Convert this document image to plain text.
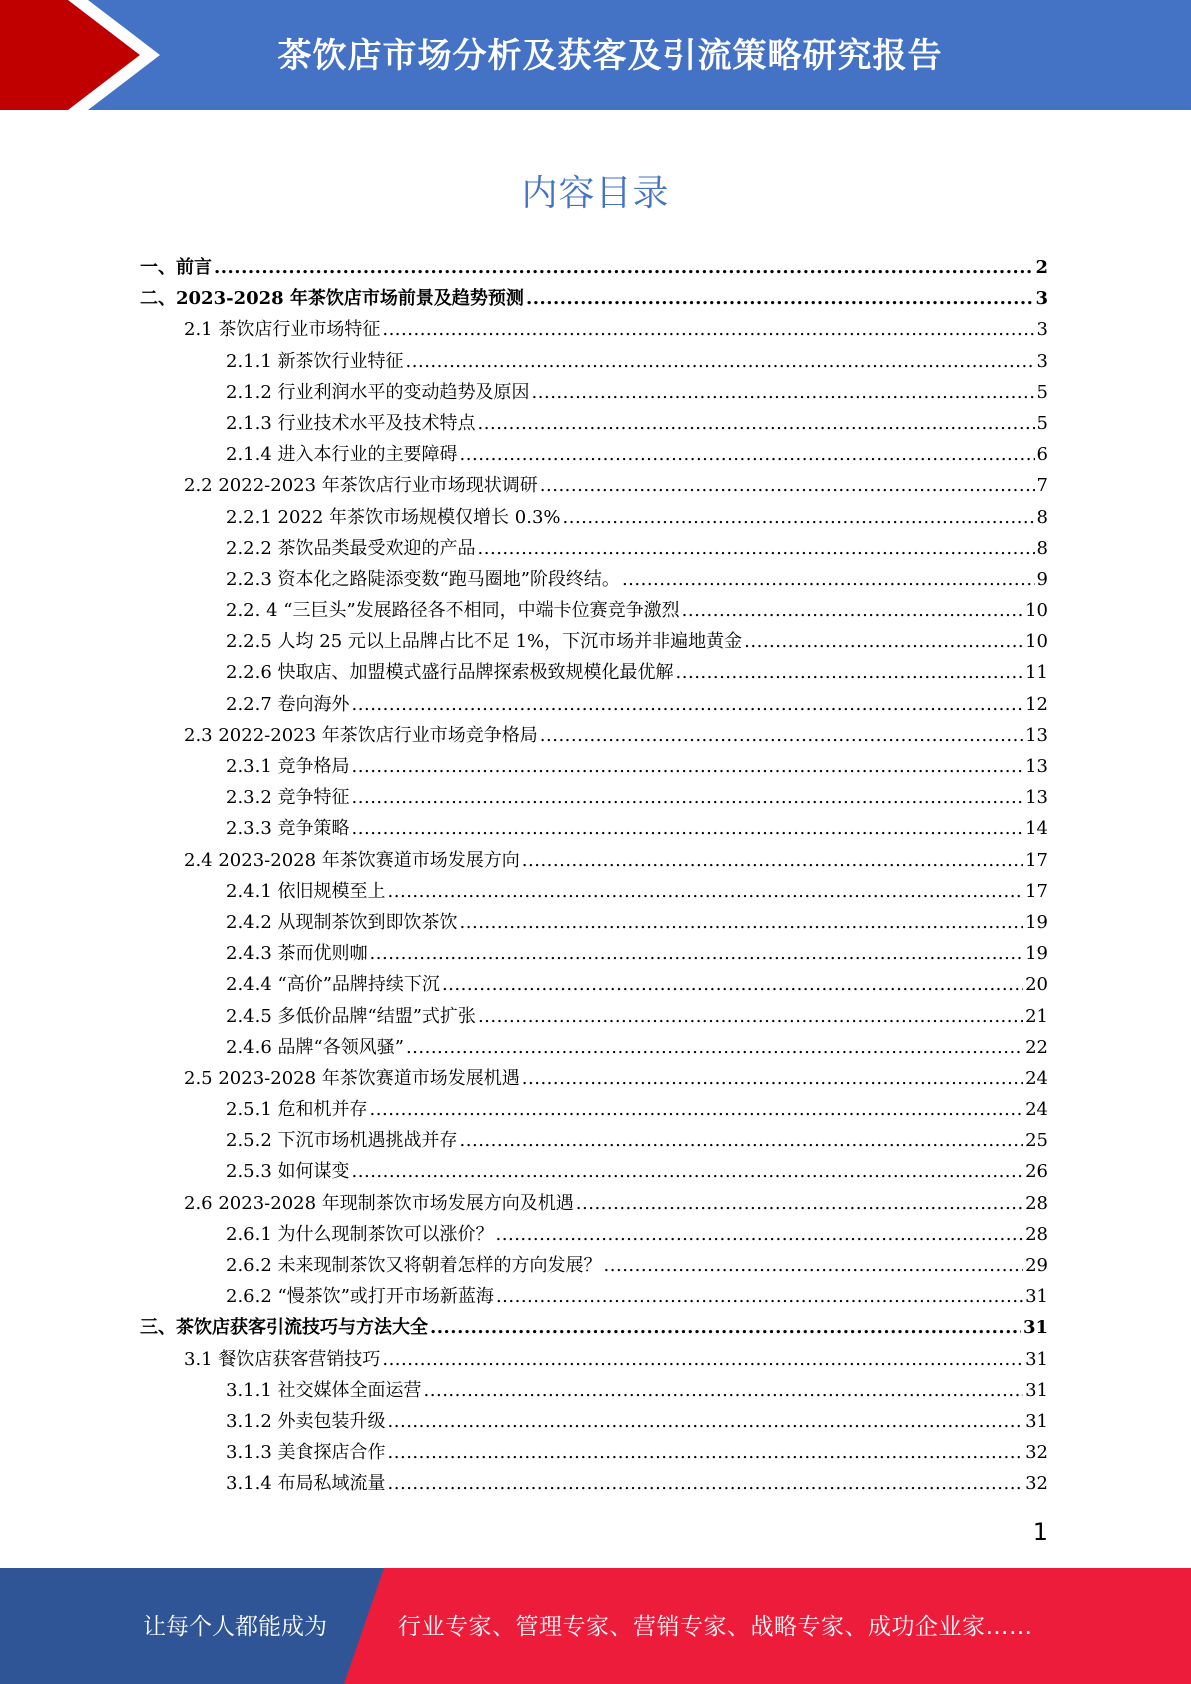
茶饮店市场分析及获客及引流策略研究报告
内容目录
一、前言 .....	2
二、2023-2028 年茶饮店市场前景及趋势预测 .....	3
2.1 茶饮店行业市场特征 .....	3
2.1.1 新茶饮行业特征 .....	3
2.1.2 行业利润水平的变动趋势及原因 .....	5
2.1.3 行业技术水平及技术特点 .....	5
2.1.4 进入本行业的主要障碍 .....	6
2.2 2022-2023 年茶饮店行业市场现状调研 .....	7
2.2.1 2022 年茶饮市场规模仅增长 0.3% .....	8
2.2.2 茶饮品类最受欢迎的产品 .....	8
2.2.3 资本化之路陡添变数“跑马圈地”阶段终结。 .....	9
2.2. 4 “三巨头”发展路径各不相同，中端卡位赛竞争激烈 .....	10
2.2.5 人均 25 元以上品牌占比不足 1%，下沉市场并非遍地黄金 .....	10
2.2.6 快取店、加盟模式盛行品牌探索极致规模化最优解 .....	11
2.2.7 卷向海外 .....	12
2.3 2022-2023 年茶饮店行业市场竞争格局 .....	13
2.3.1 竞争格局 .....	13
2.3.2 竞争特征 .....	13
2.3.3 竞争策略 .....	14
2.4 2023-2028 年茶饮赛道市场发展方向 .....	17
2.4.1 依旧规模至上 .....	17
2.4.2 从现制茶饮到即饮茶饮 .....	19
2.4.3 茶而优则咖 .....	19
2.4.4 “高价”品牌持续下沉 .....	20
2.4.5 多低价品牌“结盟”式扩张 .....	21
2.4.6 品牌“各领风骚” .....	22
2.5 2023-2028 年茶饮赛道市场发展机遇 .....	24
2.5.1 危和机并存 .....	24
2.5.2 下沉市场机遇挑战并存 .....	25
2.5.3 如何谋变 .....	26
2.6 2023-2028 年现制茶饮市场发展方向及机遇 .....	28
2.6.1 为什么现制茶饮可以涨价？ .....	28
2.6.2 未来现制茶饮又将朝着怎样的方向发展？ .....	29
2.6.2 “慢茶饮”或打开市场新蓝海 .....	31
三、茶饮店获客引流技巧与方法大全 .....	31
3.1 餐饮店获客营销技巧 .....	31
3.1.1 社交媒体全面运营 .....	31
3.1.2 外卖包装升级 .....	31
3.1.3 美食探店合作 .....	32
3.1.4 布局私域流量 .....	32
1
让每个人都能成为	行业专家、管理专家、营销专家、战略专家、成功企业家……
